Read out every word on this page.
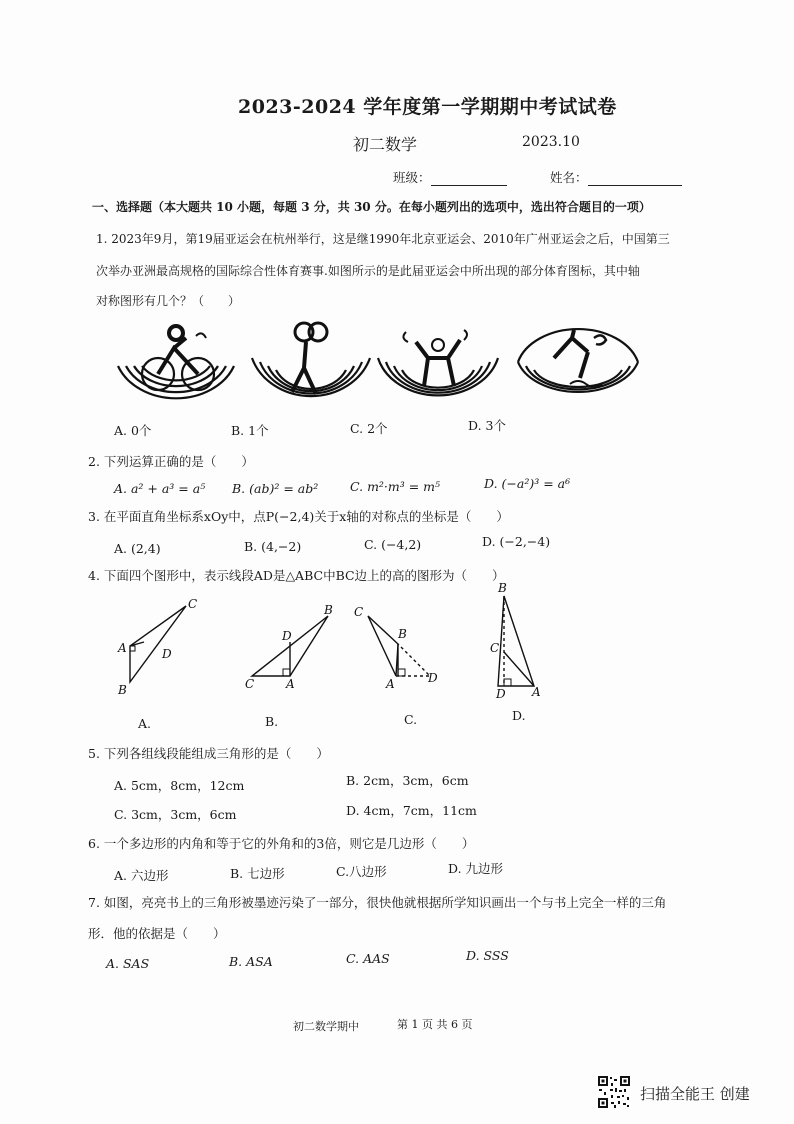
2023-2024 学年度第一学期期中考试试卷
初二数学	2023.10
班级：	姓名：
一、选择题（本大题共 10 小题，每题 3 分，共 30 分。在每小题列出的选项中，选出符合题目的一项）
1. 2023年9月，第19届亚运会在杭州举行，这是继1990年北京亚运会、2010年广州亚运会之后，中国第三
次举办亚洲最高规格的国际综合性体育赛事.如图所示的是此届亚运会中所出现的部分体育图标，其中轴
对称图形有几个？（　　）
A. 0个	B. 1个	C. 2个	D. 3个
2. 下列运算正确的是（　　）
A. a² + a³ = a⁵ B. (ab)² = ab²	C. m²·m³ = m⁵	D. (−a²)³ = a⁶
3. 在平面直角坐标系xOy中，点P(−2,4)关于x轴的对称点的坐标是（　　）
A. (2,4)	B. (4,−2)	C. (−4,2)	D. (−2,−4)
4. 下面四个图形中，表示线段AD是△ABC中BC边上的高的图形为（　　）
C
A	D
B
B
D
C	A
C
B
A	D
B
C
D A
A.	B.	C.	D.
5. 下列各组线段能组成三角形的是（　　）
A. 5cm，8cm，12cm	B. 2cm，3cm，6cm
C. 3cm，3cm，6cm	D. 4cm，7cm，11cm
6. 一个多边形的内角和等于它的外角和的3倍，则它是几边形（　　）
A. 六边形	B. 七边形	C.八边形	D. 九边形
7. 如图，亮亮书上的三角形被墨迹污染了一部分，很快他就根据所学知识画出一个与书上完全一样的三角
形．他的依据是（　　）
A. SAS	B. ASA	C. AAS	D. SSS
初二数学期中	第 1 页 共 6 页
扫描全能王 创建
